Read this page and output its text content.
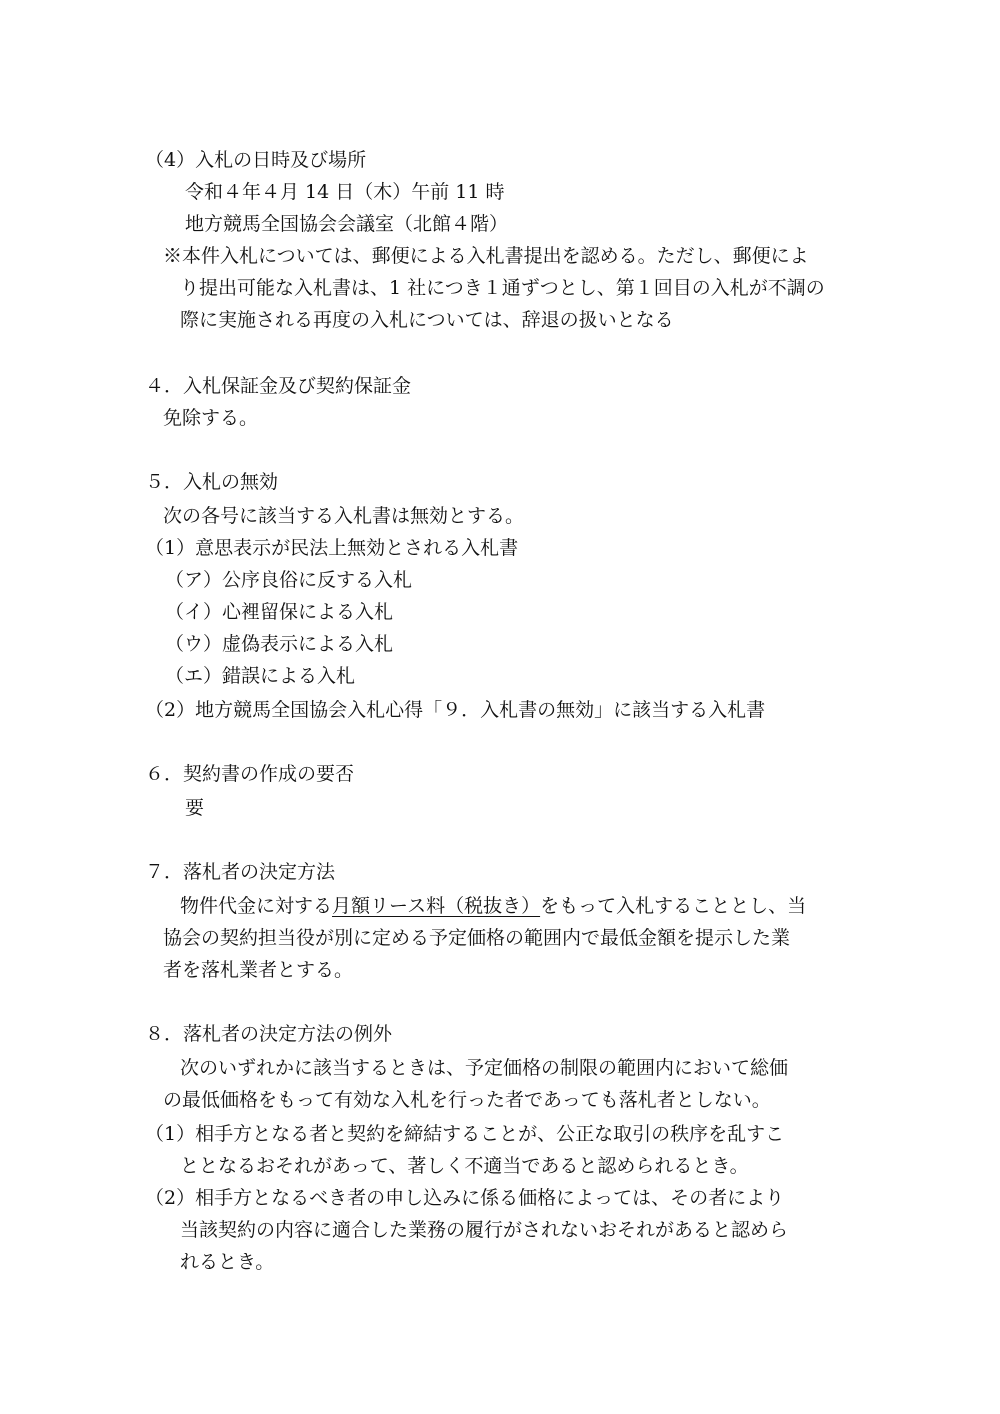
（4）入札の日時及び場所
令和４年４月 14 日（木）午前 11 時
地方競馬全国協会会議室（北館４階）
※本件入札については、郵便による入札書提出を認める。ただし、郵便によ
り提出可能な入札書は、1 社につき１通ずつとし、第１回目の入札が不調の
際に実施される再度の入札については、辞退の扱いとなる
４．入札保証金及び契約保証金
免除する。
５．入札の無効
次の各号に該当する入札書は無効とする。
（1）意思表示が民法上無効とされる入札書
（ア）公序良俗に反する入札
（イ）心裡留保による入札
（ウ）虚偽表示による入札
（エ）錯誤による入札
（2）地方競馬全国協会入札心得「９．入札書の無効」に該当する入札書
６．契約書の作成の要否
要
７．落札者の決定方法
物件代金に対する月額リース料（税抜き）をもって入札することとし、当
協会の契約担当役が別に定める予定価格の範囲内で最低金額を提示した業
者を落札業者とする。
８．落札者の決定方法の例外
次のいずれかに該当するときは、予定価格の制限の範囲内において総価
の最低価格をもって有効な入札を行った者であっても落札者としない。
（1）相手方となる者と契約を締結することが、公正な取引の秩序を乱すこ
ととなるおそれがあって、著しく不適当であると認められるとき。
（2）相手方となるべき者の申し込みに係る価格によっては、その者により
当該契約の内容に適合した業務の履行がされないおそれがあると認めら
れるとき。
